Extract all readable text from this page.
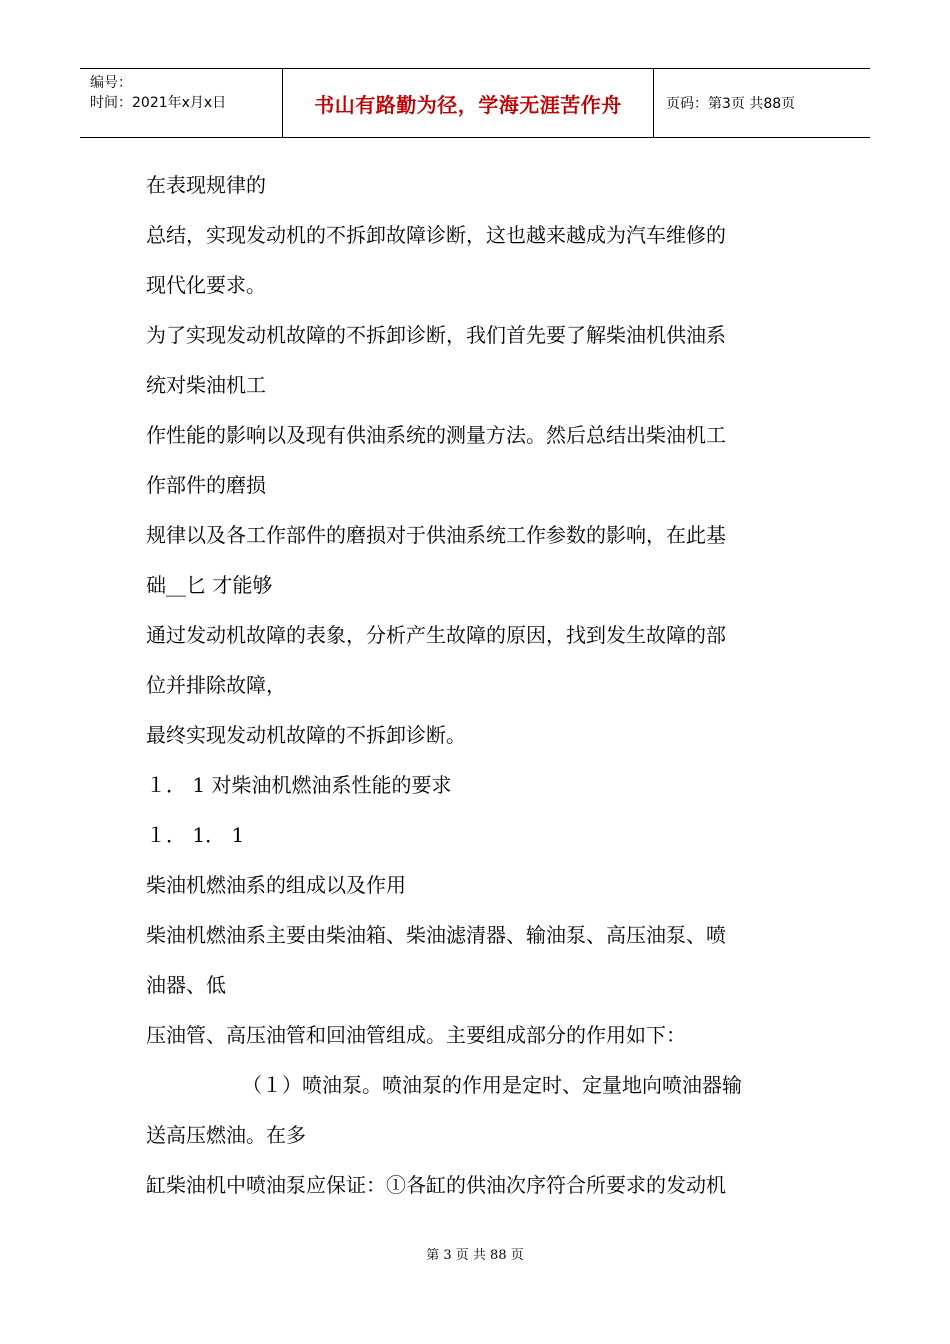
编号：
时间：2021年x月x日	书山有路勤为径，学海无涯苦作舟	页码：第3页 共88页
在表现规律的
总结，实现发动机的不拆卸故障诊断，这也越来越成为汽车维修的
现代化要求。
为了实现发动机故障的不拆卸诊断，我们首先要了解柴油机供油系
统对柴油机工
作性能的影响以及现有供油系统的测量方法。然后总结出柴油机工
作部件的磨损
规律以及各工作部件的磨损对于供油系统工作参数的影响，在此基
础__匕 才能够
通过发动机故障的表象，分析产生故障的原因，找到发生故障的部
位并排除故障，
最终实现发动机故障的不拆卸诊断。
１． 1 对柴油机燃油系性能的要求
１． 1． 1
柴油机燃油系的组成以及作用
柴油机燃油系主要由柴油箱、柴油滤清器、输油泵、高压油泵、喷
油器、低
压油管、高压油管和回油管组成。主要组成部分的作用如下：
（１）喷油泵。喷油泵的作用是定时、定量地向喷油器输
送高压燃油。在多
缸柴油机中喷油泵应保证：①各缸的供油次序符合所要求的发动机
第 3 页 共 88 页
